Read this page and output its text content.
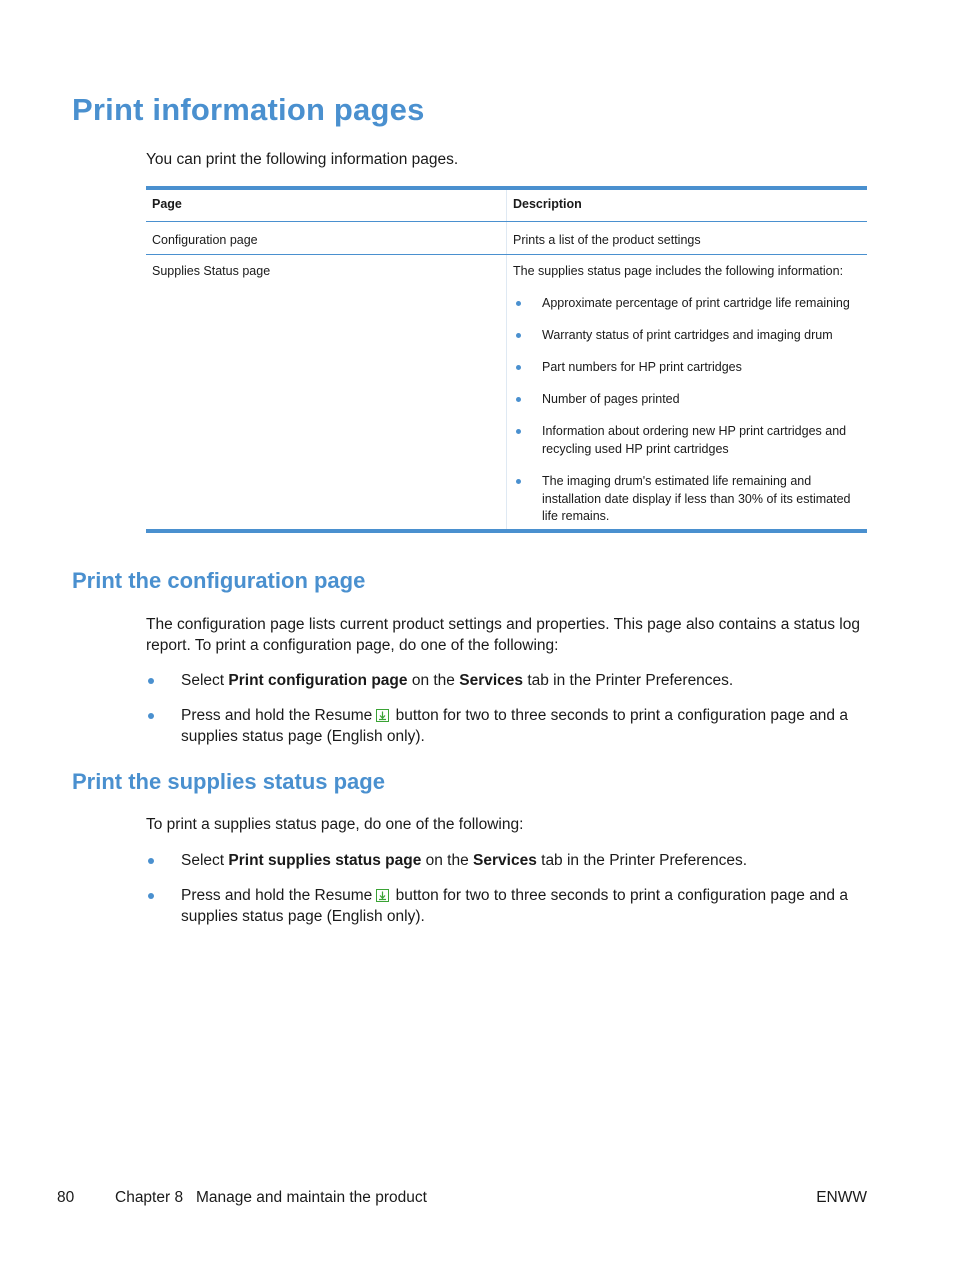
Print information pages

You can print the following information pages.

Page	Description
Configuration page	Prints a list of the product settings
Supplies Status page	The supplies status page includes the following information:
Approximate percentage of print cartridge life remaining
Warranty status of print cartridges and imaging drum
Part numbers for HP print cartridges
Number of pages printed
Information about ordering new HP print cartridges and recycling used HP print cartridges
The imaging drum's estimated life remaining and installation date display if less than 30% of its estimated life remains.
Print the configuration page

The configuration page lists current product settings and properties. This page also contains a status log report. To print a configuration page, do one of the following:

Select Print configuration page on the Services tab in the Printer Preferences.
Press and hold the Resume button for two to three seconds to print a configuration page and a supplies status page (English only).
Print the supplies status page

To print a supplies status page, do one of the following:

Select Print supplies status page on the Services tab in the Printer Preferences.
Press and hold the Resume button for two to three seconds to print a configuration page and a supplies status page (English only).
80	Chapter 8   Manage and maintain the product	ENWW
